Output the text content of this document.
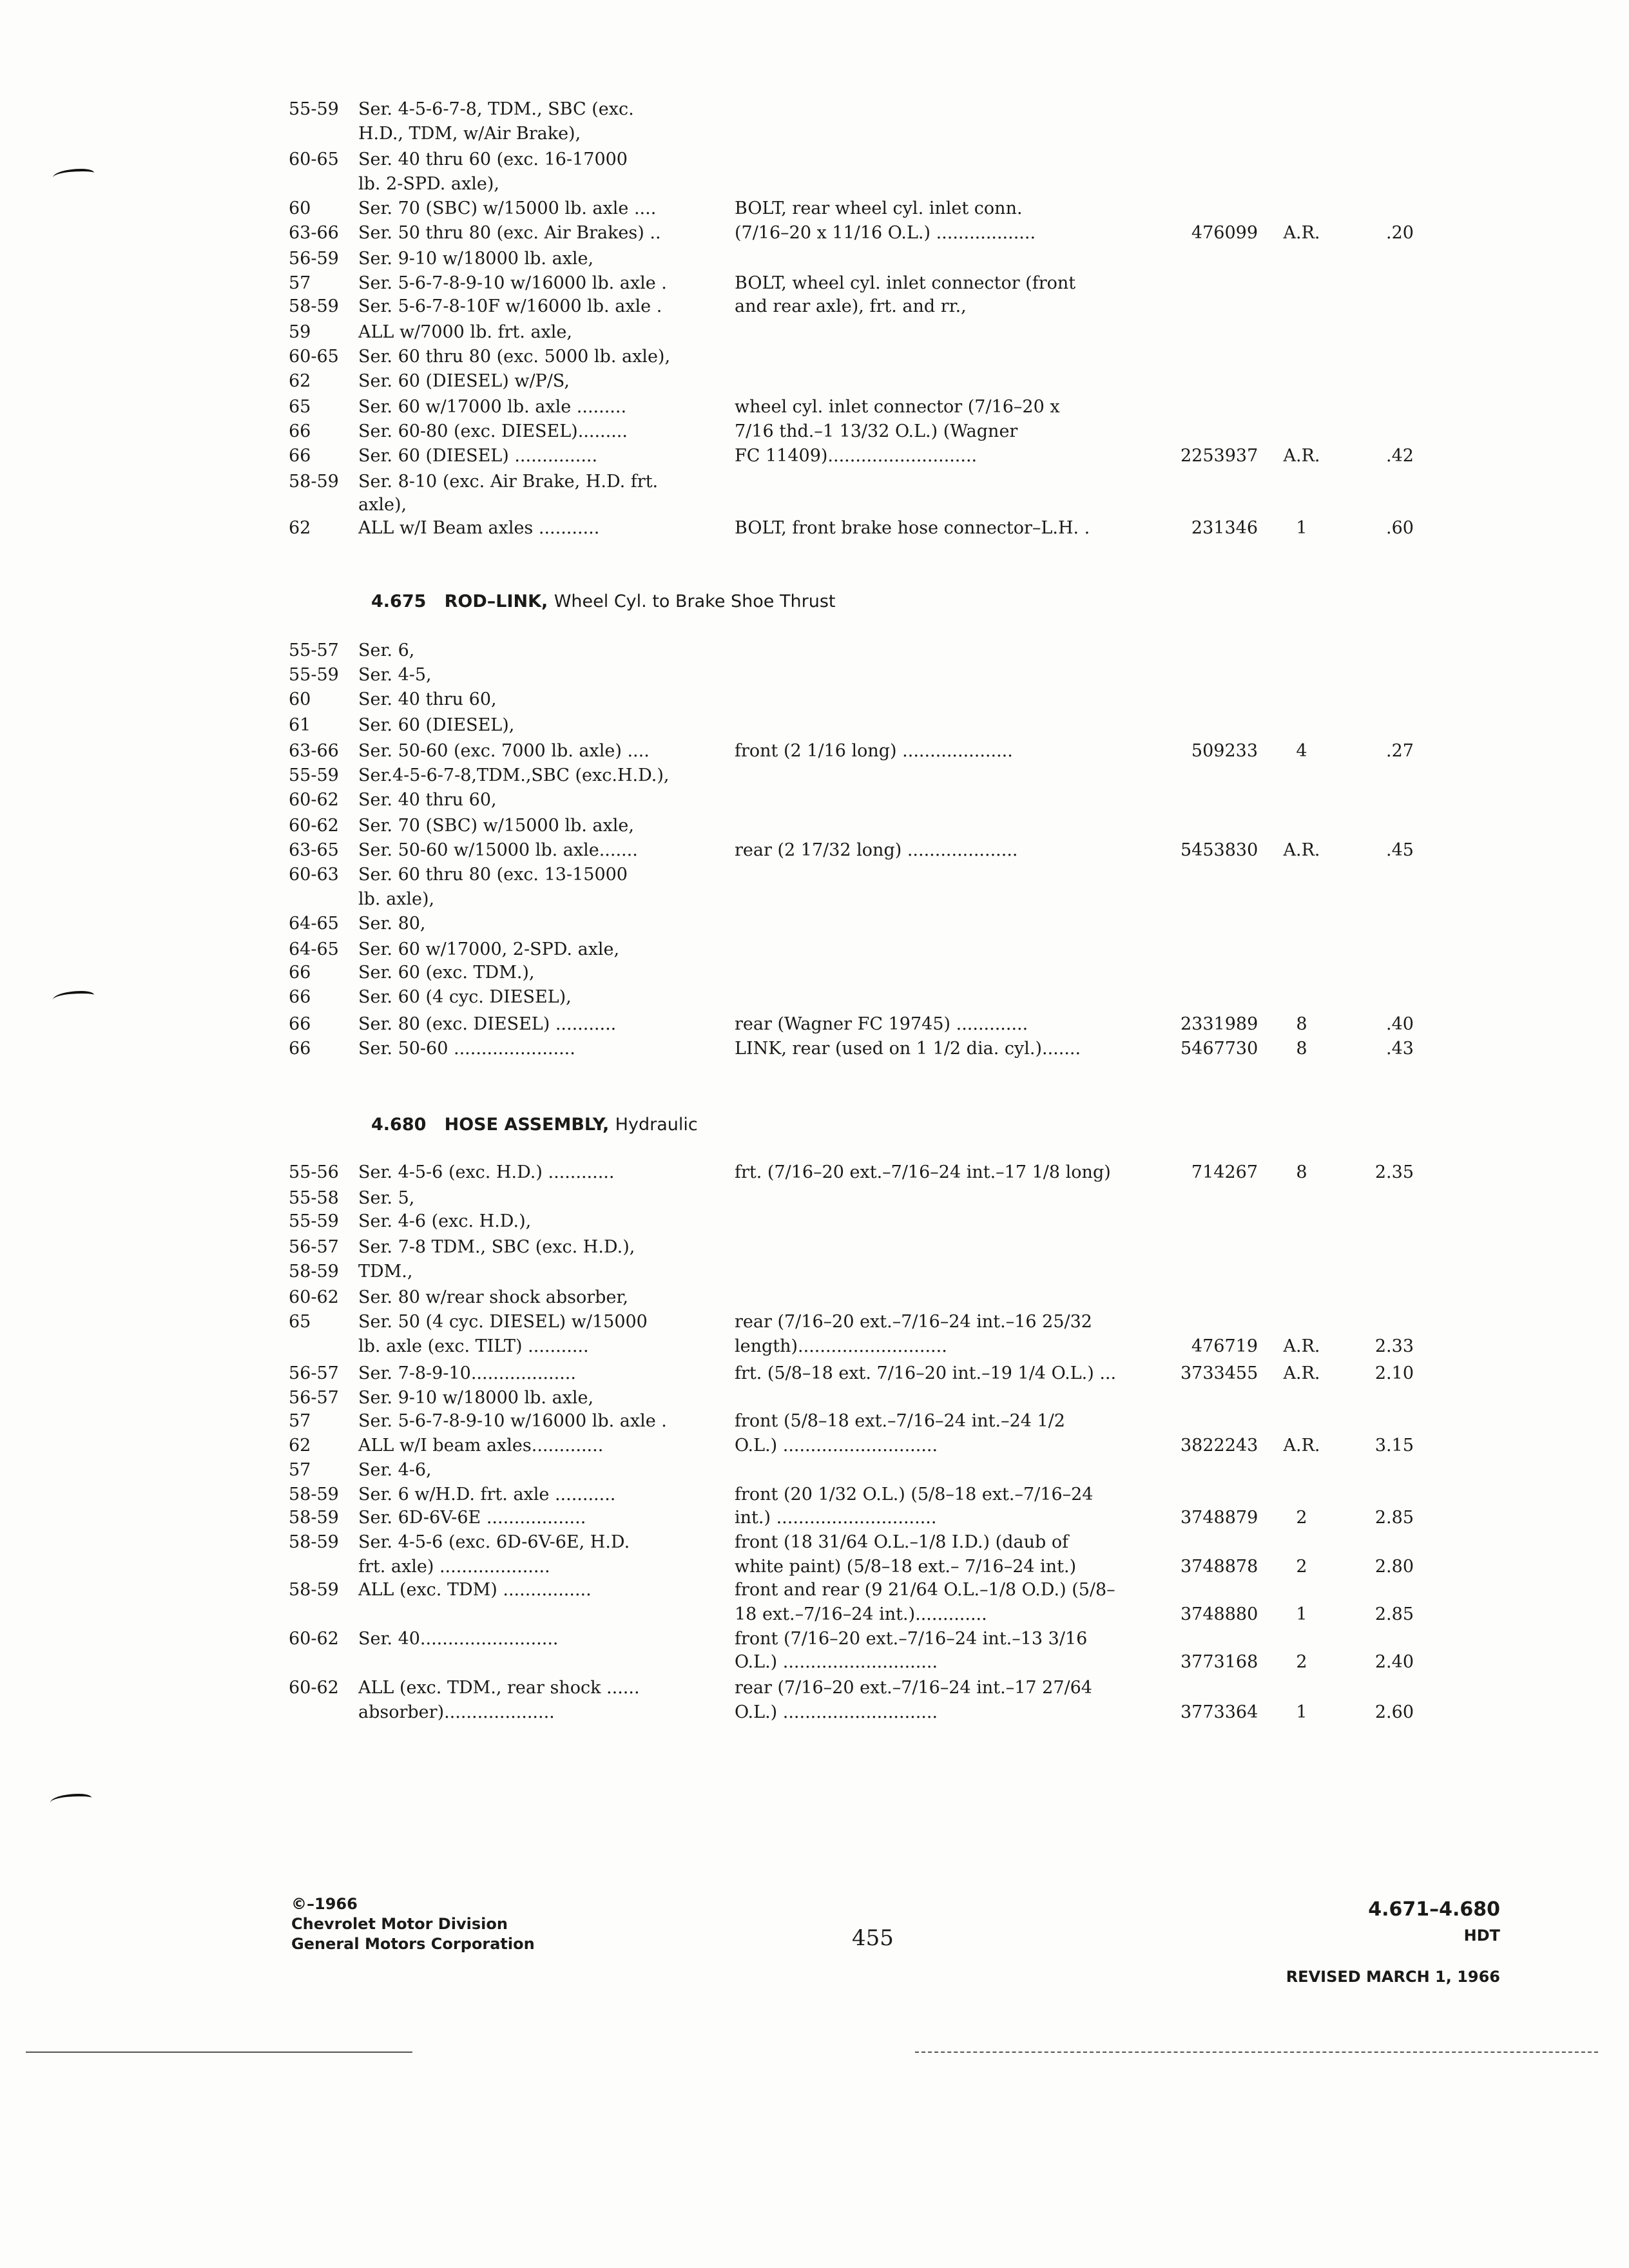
4.675 ROD–LINK, Wheel Cyl. to Brake Shoe Thrust
4.680 HOSE ASSEMBLY, Hydraulic
55-59 Ser. 4-5-6-7-8, TDM., SBC (exc.
H.D., TDM, w/Air Brake),
60-65 Ser. 40 thru 60 (exc. 16-17000
lb. 2-SPD. axle),
60	Ser. 70 (SBC) w/15000 lb. axle ....	BOLT, rear wheel cyl. inlet conn.
63-66 Ser. 50 thru 80 (exc. Air Brakes) ..	(7/16–20 x 11/16 O.L.) ..................	476099 A.R.	.20
56-59 Ser. 9-10 w/18000 lb. axle,
57	Ser. 5-6-7-8-9-10 w/16000 lb. axle .	BOLT, wheel cyl. inlet connector (front
58-59 Ser. 5-6-7-8-10F w/16000 lb. axle .	and rear axle), frt. and rr.,
59	ALL w/7000 lb. frt. axle,
60-65 Ser. 60 thru 80 (exc. 5000 lb. axle),
62	Ser. 60 (DIESEL) w/P/S,
65	Ser. 60 w/17000 lb. axle .........	wheel cyl. inlet connector (7/16–20 x
66	Ser. 60-80 (exc. DIESEL).........	7/16 thd.–1 13/32 O.L.) (Wagner
66	Ser. 60 (DIESEL) ...............	FC 11409)...........................	2253937 A.R.	.42
58-59 Ser. 8-10 (exc. Air Brake, H.D. frt.
axle),
62	ALL w/I Beam axles ...........	BOLT, front brake hose connector–L.H. .	231346	1	.60
55-57 Ser. 6,
55-59 Ser. 4-5,
60	Ser. 40 thru 60,
61	Ser. 60 (DIESEL),
63-66 Ser. 50-60 (exc. 7000 lb. axle) ....	front (2 1/16 long) ....................	509233	4	.27
55-59 Ser.4-5-6-7-8,TDM.,SBC (exc.H.D.),
60-62 Ser. 40 thru 60,
60-62 Ser. 70 (SBC) w/15000 lb. axle,
63-65 Ser. 50-60 w/15000 lb. axle.......	rear (2 17/32 long) ....................	5453830 A.R.	.45
60-63 Ser. 60 thru 80 (exc. 13-15000
lb. axle),
64-65 Ser. 80,
64-65 Ser. 60 w/17000, 2-SPD. axle,
66	Ser. 60 (exc. TDM.),
66	Ser. 60 (4 cyc. DIESEL),
66	Ser. 80 (exc. DIESEL) ...........	rear (Wagner FC 19745) .............	2331989	8	.40
66	Ser. 50-60 ......................	LINK, rear (used on 1 1/2 dia. cyl.).......	5467730	8	.43
55-56 Ser. 4-5-6 (exc. H.D.) ............	frt. (7/16–20 ext.–7/16–24 int.–17 1/8 long)	714267	8	2.35
55-58 Ser. 5,
55-59 Ser. 4-6 (exc. H.D.),
56-57 Ser. 7-8 TDM., SBC (exc. H.D.),
58-59 TDM.,
60-62 Ser. 80 w/rear shock absorber,
65	Ser. 50 (4 cyc. DIESEL) w/15000	rear (7/16–20 ext.–7/16–24 int.–16 25/32
lb. axle (exc. TILT) ...........	length)...........................	476719 A.R.	2.33
56-57 Ser. 7-8-9-10...................	frt. (5/8–18 ext. 7/16–20 int.–19 1/4 O.L.) ...	3733455 A.R.	2.10
56-57 Ser. 9-10 w/18000 lb. axle,
57	Ser. 5-6-7-8-9-10 w/16000 lb. axle .	front (5/8–18 ext.–7/16–24 int.–24 1/2
62	ALL w/I beam axles.............	O.L.) ............................	3822243 A.R.	3.15
57	Ser. 4-6,
58-59 Ser. 6 w/H.D. frt. axle ...........	front (20 1/32 O.L.) (5/8–18 ext.–7/16–24
58-59 Ser. 6D-6V-6E ..................	int.) .............................	3748879	2	2.85
58-59 Ser. 4-5-6 (exc. 6D-6V-6E, H.D.	front (18 31/64 O.L.–1/8 I.D.) (daub of
frt. axle) ....................	white paint) (5/8–18 ext.– 7/16–24 int.)	3748878	2	2.80
58-59 ALL (exc. TDM) ................	front and rear (9 21/64 O.L.–1/8 O.D.) (5/8–
18 ext.–7/16–24 int.).............	3748880	1	2.85
60-62 Ser. 40.........................	front (7/16–20 ext.–7/16–24 int.–13 3/16
O.L.) ............................	3773168	2	2.40
60-62 ALL (exc. TDM., rear shock ......	rear (7/16–20 ext.–7/16–24 int.–17 27/64
absorber)....................	O.L.) ............................	3773364	1	2.60
©–1966
Chevrolet Motor Division
General Motors Corporation	455
4.671–4.680
HDT
REVISED MARCH 1, 1966
